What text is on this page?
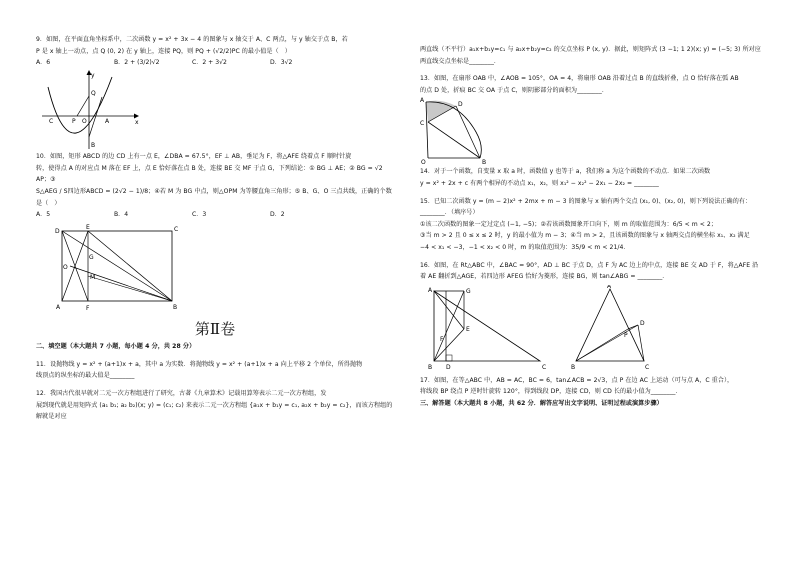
9．如图，在平面直角坐标系中，二次函数 y = x² + 3x − 4 的图象与 x 轴交于 A、C 两点，与 y 轴交于点 B，若

P 是 x 轴上一动点，点 Q (0, 2) 在 y 轴上，连接 PQ，则 PQ + (√2/2)PC 的最小值是（　）

A．6	B．2 + (3/2)√2	C．2 + 3√2	D．3√2
y
x
Q
C	P O	A
B

10．如图，矩形 ABCD 的边 CD 上有一点 E，∠DBA = 67.5°，EF ⊥ AB，垂足为 F，将△AFE 绕着点 F 顺时针旋

转，使得点 A 的对应点 M 落在 EF 上，点 E 恰好落在点 B 处，连接 BE 交 MF 于点 G，下列结论：① BG ⊥ AE；② BG = √2 AP；③

S△AEG / S四边形ABCD = (2√2 − 1)/8；④若 M 为 BG 中点，则△OPM 为等腰直角三角形；⑤ B、G、O 三点共线，正确的个数

是（　）

A．5	B．4	C．3	D．2
D
E	C
O
G
M
A	F	B
第Ⅱ卷

二、填空题（本大题共 7 小题，每小题 4 分，共 28 分）

11．设抛物线 y = x² + (a+1)x + a，其中 a 为实数．将抛物线 y = x² + (a+1)x + a 向上平移 2 个单位，所得抛物

线顶点的纵坐标的最大值是________

12．我国古代很早就对二元一次方程组进行了研究，古著《九章算术》记载用算筹表示二元一次方程组，发

展到现代就是用矩阵式 (a₁ b₁; a₂ b₂)(x; y) = (c₁; c₂) 来表示二元一次方程组 {a₁x + b₁y = c₁, a₂x + b₂y = c₂}，而该方程组的解就是对应

两直线（不平行）a₁x+b₁y=c₁ 与 a₂x+b₂y=c₂ 的交点坐标 P (x, y)．据此，则矩阵式 (3 −1; 1 2)(x; y) = (−5; 3) 所对应

两直线交点坐标是________．

13．如图，在扇形 OAB 中，∠AOB = 105°，OA = 4，将扇形 OAB 沿着过点 B 的直线折叠，点 O 恰好落在弧 AB

的点 D 处，折痕 BC 交 OA 于点 C，则阴影部分的面积为________．

A
D
C
O	B

14．对于一个函数，自变量 x 取 a 时，函数值 y 也等于 a，我们称 a 为这个函数的不动点．如果二次函数

y = x² + 2x + c 有两个相异的不动点 x₁，x₂，则 x₁² − x₂² − 2x₁ − 2x₂ = ________

15．已知二次函数 y = (m − 2)x² + 2mx + m − 3 的图象与 x 轴有两个交点 (x₁, 0)、(x₂, 0)，则下列说法正确的有：

________．（填序号）

①该二次函数的图象一定过定点 (−1, −5)；②若该函数图象开口向下，则 m 的取值范围为：6/5 < m < 2；

③当 m > 2 且 0 ≤ x ≤ 2 时，y 的最小值为 m − 3；④当 m > 2，且该函数的图象与 x 轴两交点的横坐标 x₁、x₂ 满足

−4 < x₁ < −3，−1 < x₂ < 0 时，m 的取值范围为：35/9 < m < 21/4．

16．如图，在 Rt△ABC 中，∠BAC = 90°，AD ⊥ BC 于点 D，点 F 为 AC 边上的中点，连接 BE 交 AD 于 F，将△AFE 沿

着 AE 翻折到△AGE，若四边形 AFEG 恰好为菱形，连接 BG，则 tan∠ABG = ________．

A	G
E
F
B D	C
A
D
P
B	C

17．如图，在等△ABC 中，AB = AC，BC = 6，tan∠ACB = 2√3，点 P 在边 AC 上运动（可与点 A，C 重合），

将线段 BP 绕点 P 逆时针旋转 120°，得到线段 DP，连接 CD，则 CD 长的最小值为________．

三、解答题（本大题共 8 小题，共 62 分．解答应写出文字说明、证明过程或演算步骤）
